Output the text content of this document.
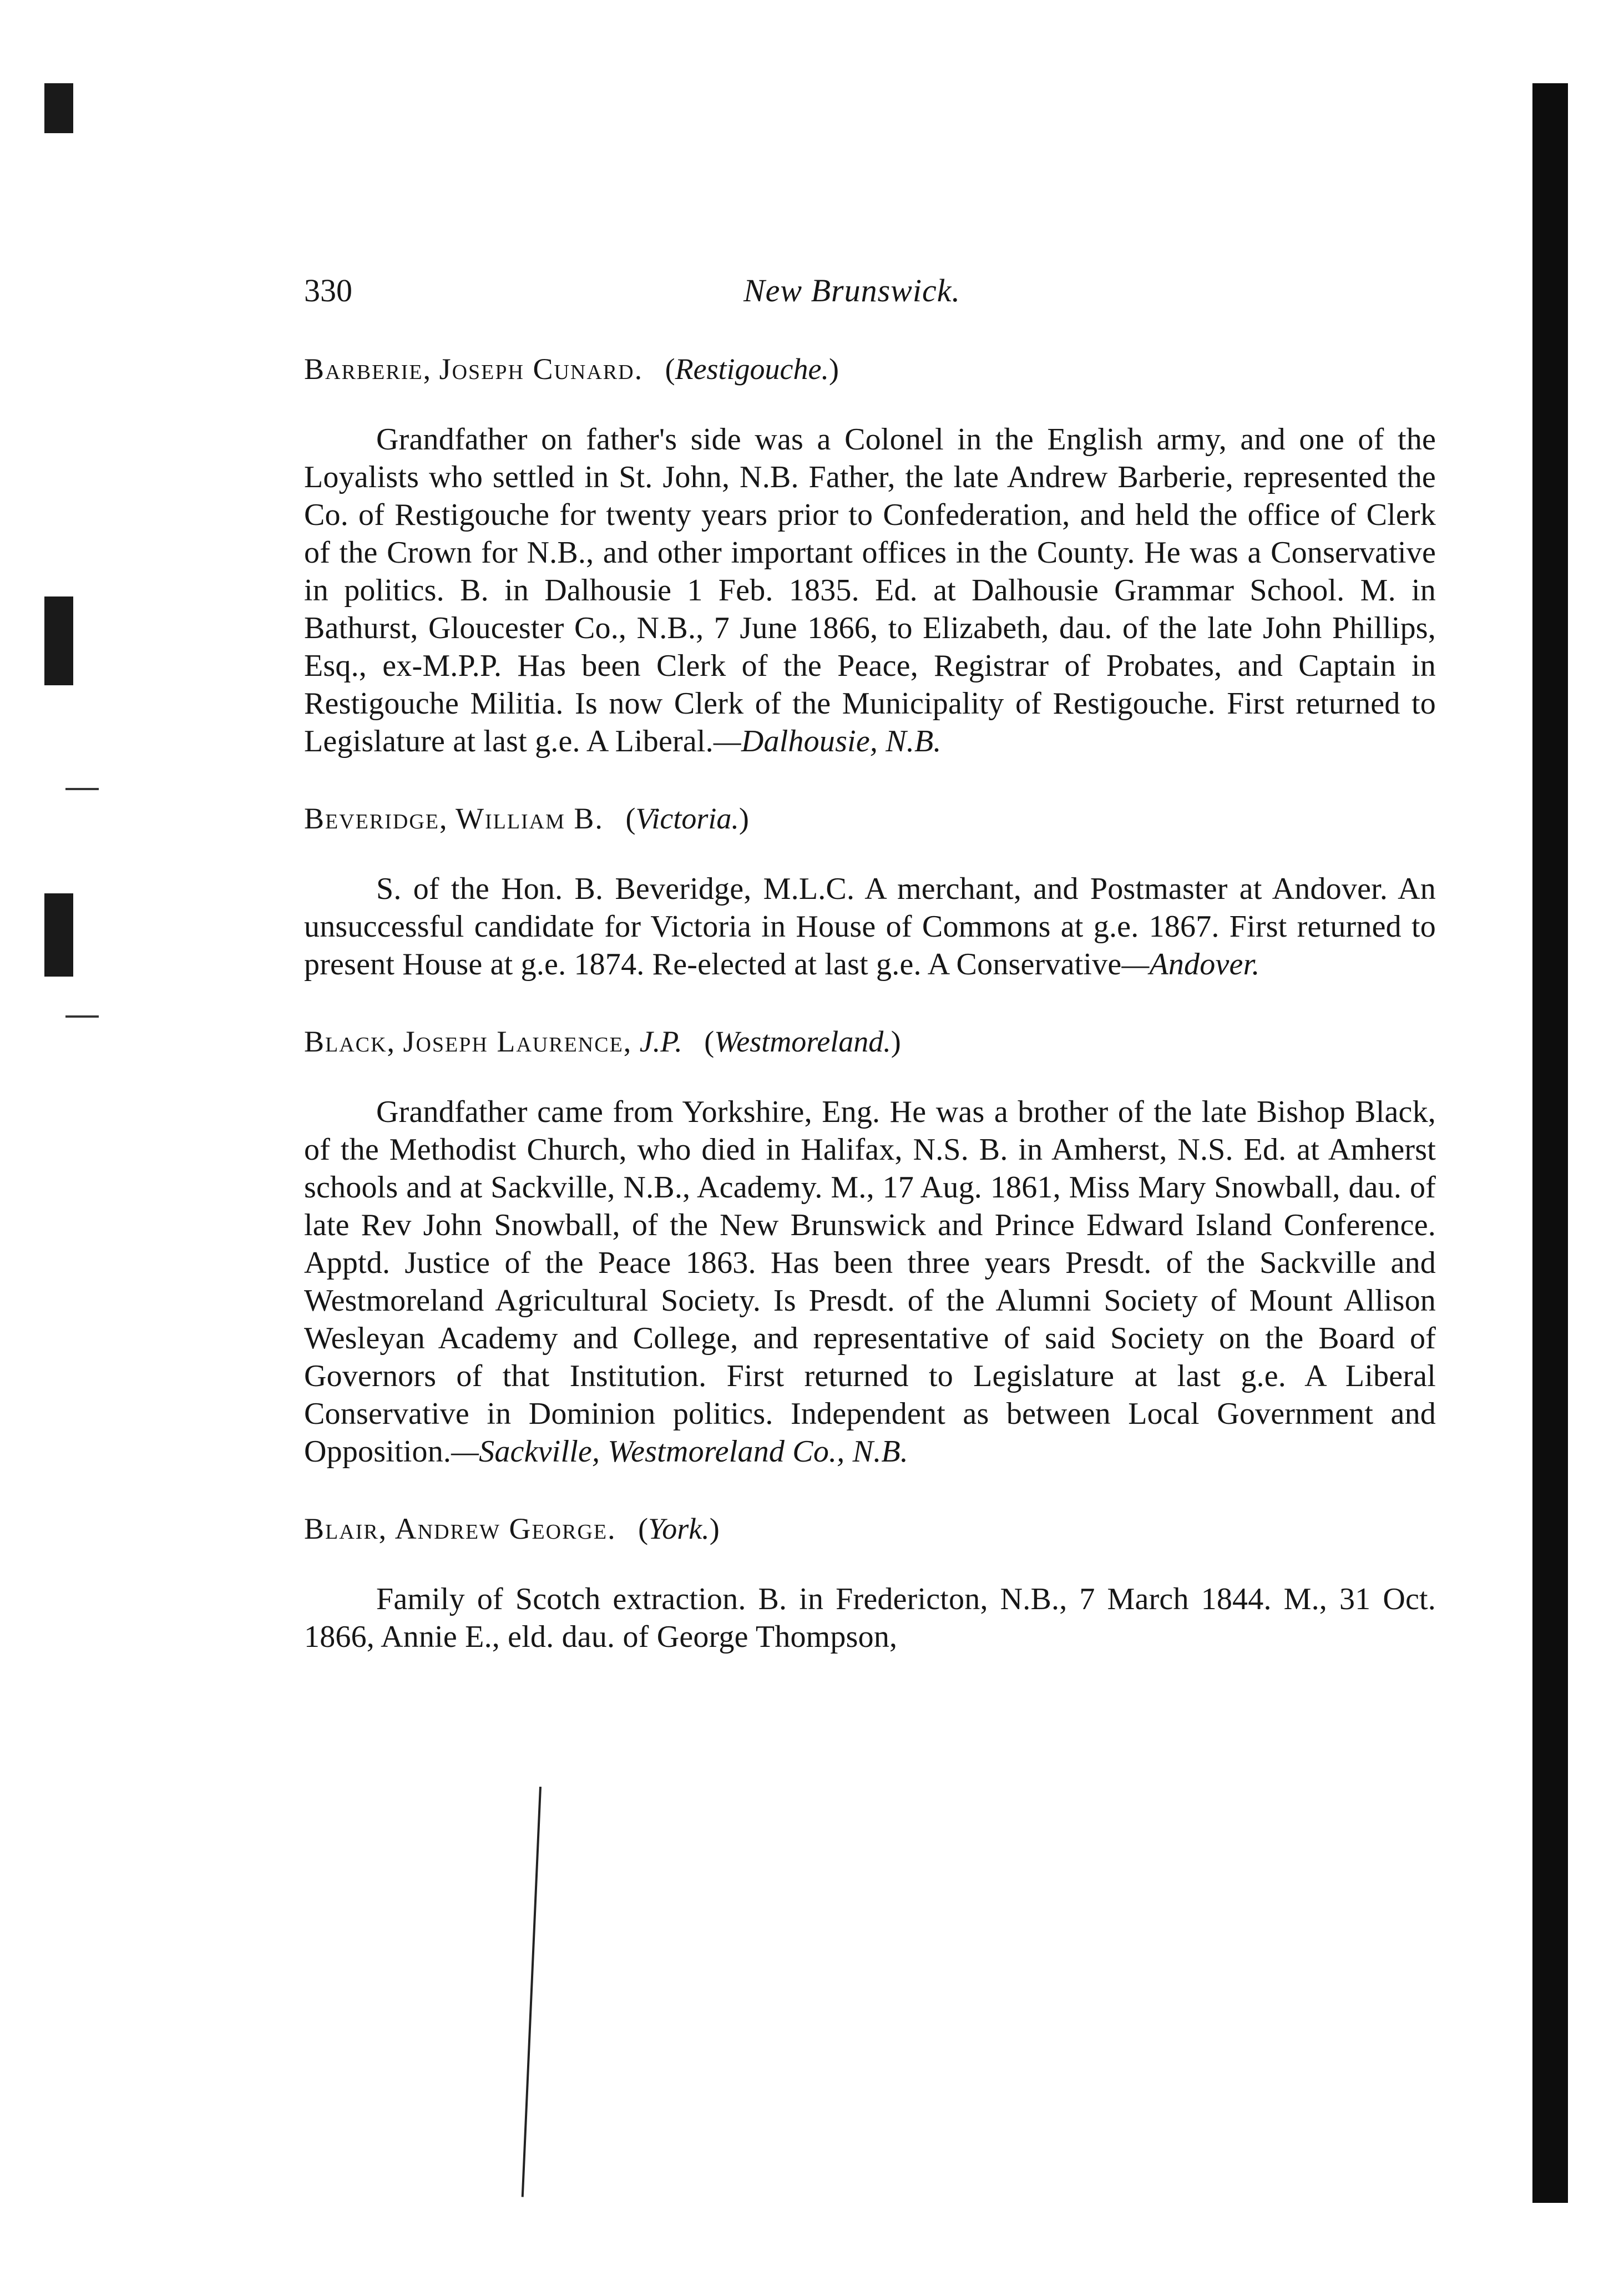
330	New Brunswick.
Barberie, Joseph Cunard. (Restigouche.)

Grandfather on father's side was a Colonel in the English army, and one of the Loyalists who settled in St. John, N.B. Father, the late Andrew Barberie, represented the Co. of Restigouche for twenty years prior to Confederation, and held the office of Clerk of the Crown for N.B., and other important offices in the County. He was a Conservative in politics. B. in Dalhousie 1 Feb. 1835. Ed. at Dalhousie Grammar School. M. in Bathurst, Gloucester Co., N.B., 7 June 1866, to Elizabeth, dau. of the late John Phillips, Esq., ex-M.P.P. Has been Clerk of the Peace, Registrar of Probates, and Captain in Restigouche Militia. Is now Clerk of the Municipality of Restigouche. First returned to Legislature at last g.e. A Liberal.—Dalhousie, N.B.

Beveridge, William B. (Victoria.)

S. of the Hon. B. Beveridge, M.L.C. A merchant, and Postmaster at Andover. An unsuccessful candidate for Victoria in House of Commons at g.e. 1867. First returned to present House at g.e. 1874. Re-elected at last g.e. A Conservative—Andover.

Black, Joseph Laurence, J.P. (Westmoreland.)

Grandfather came from Yorkshire, Eng. He was a brother of the late Bishop Black, of the Methodist Church, who died in Halifax, N.S. B. in Amherst, N.S. Ed. at Amherst schools and at Sackville, N.B., Academy. M., 17 Aug. 1861, Miss Mary Snowball, dau. of late Rev John Snowball, of the New Brunswick and Prince Edward Island Conference. Apptd. Justice of the Peace 1863. Has been three years Presdt. of the Sackville and Westmoreland Agricultural Society. Is Presdt. of the Alumni Society of Mount Allison Wesleyan Academy and College, and representative of said Society on the Board of Governors of that Institution. First returned to Legislature at last g.e. A Liberal Conservative in Dominion politics. Independent as between Local Government and Opposition.—Sackville, Westmoreland Co., N.B.

Blair, Andrew George. (York.)

Family of Scotch extraction. B. in Fredericton, N.B., 7 March 1844. M., 31 Oct. 1866, Annie E., eld. dau. of George Thompson,
